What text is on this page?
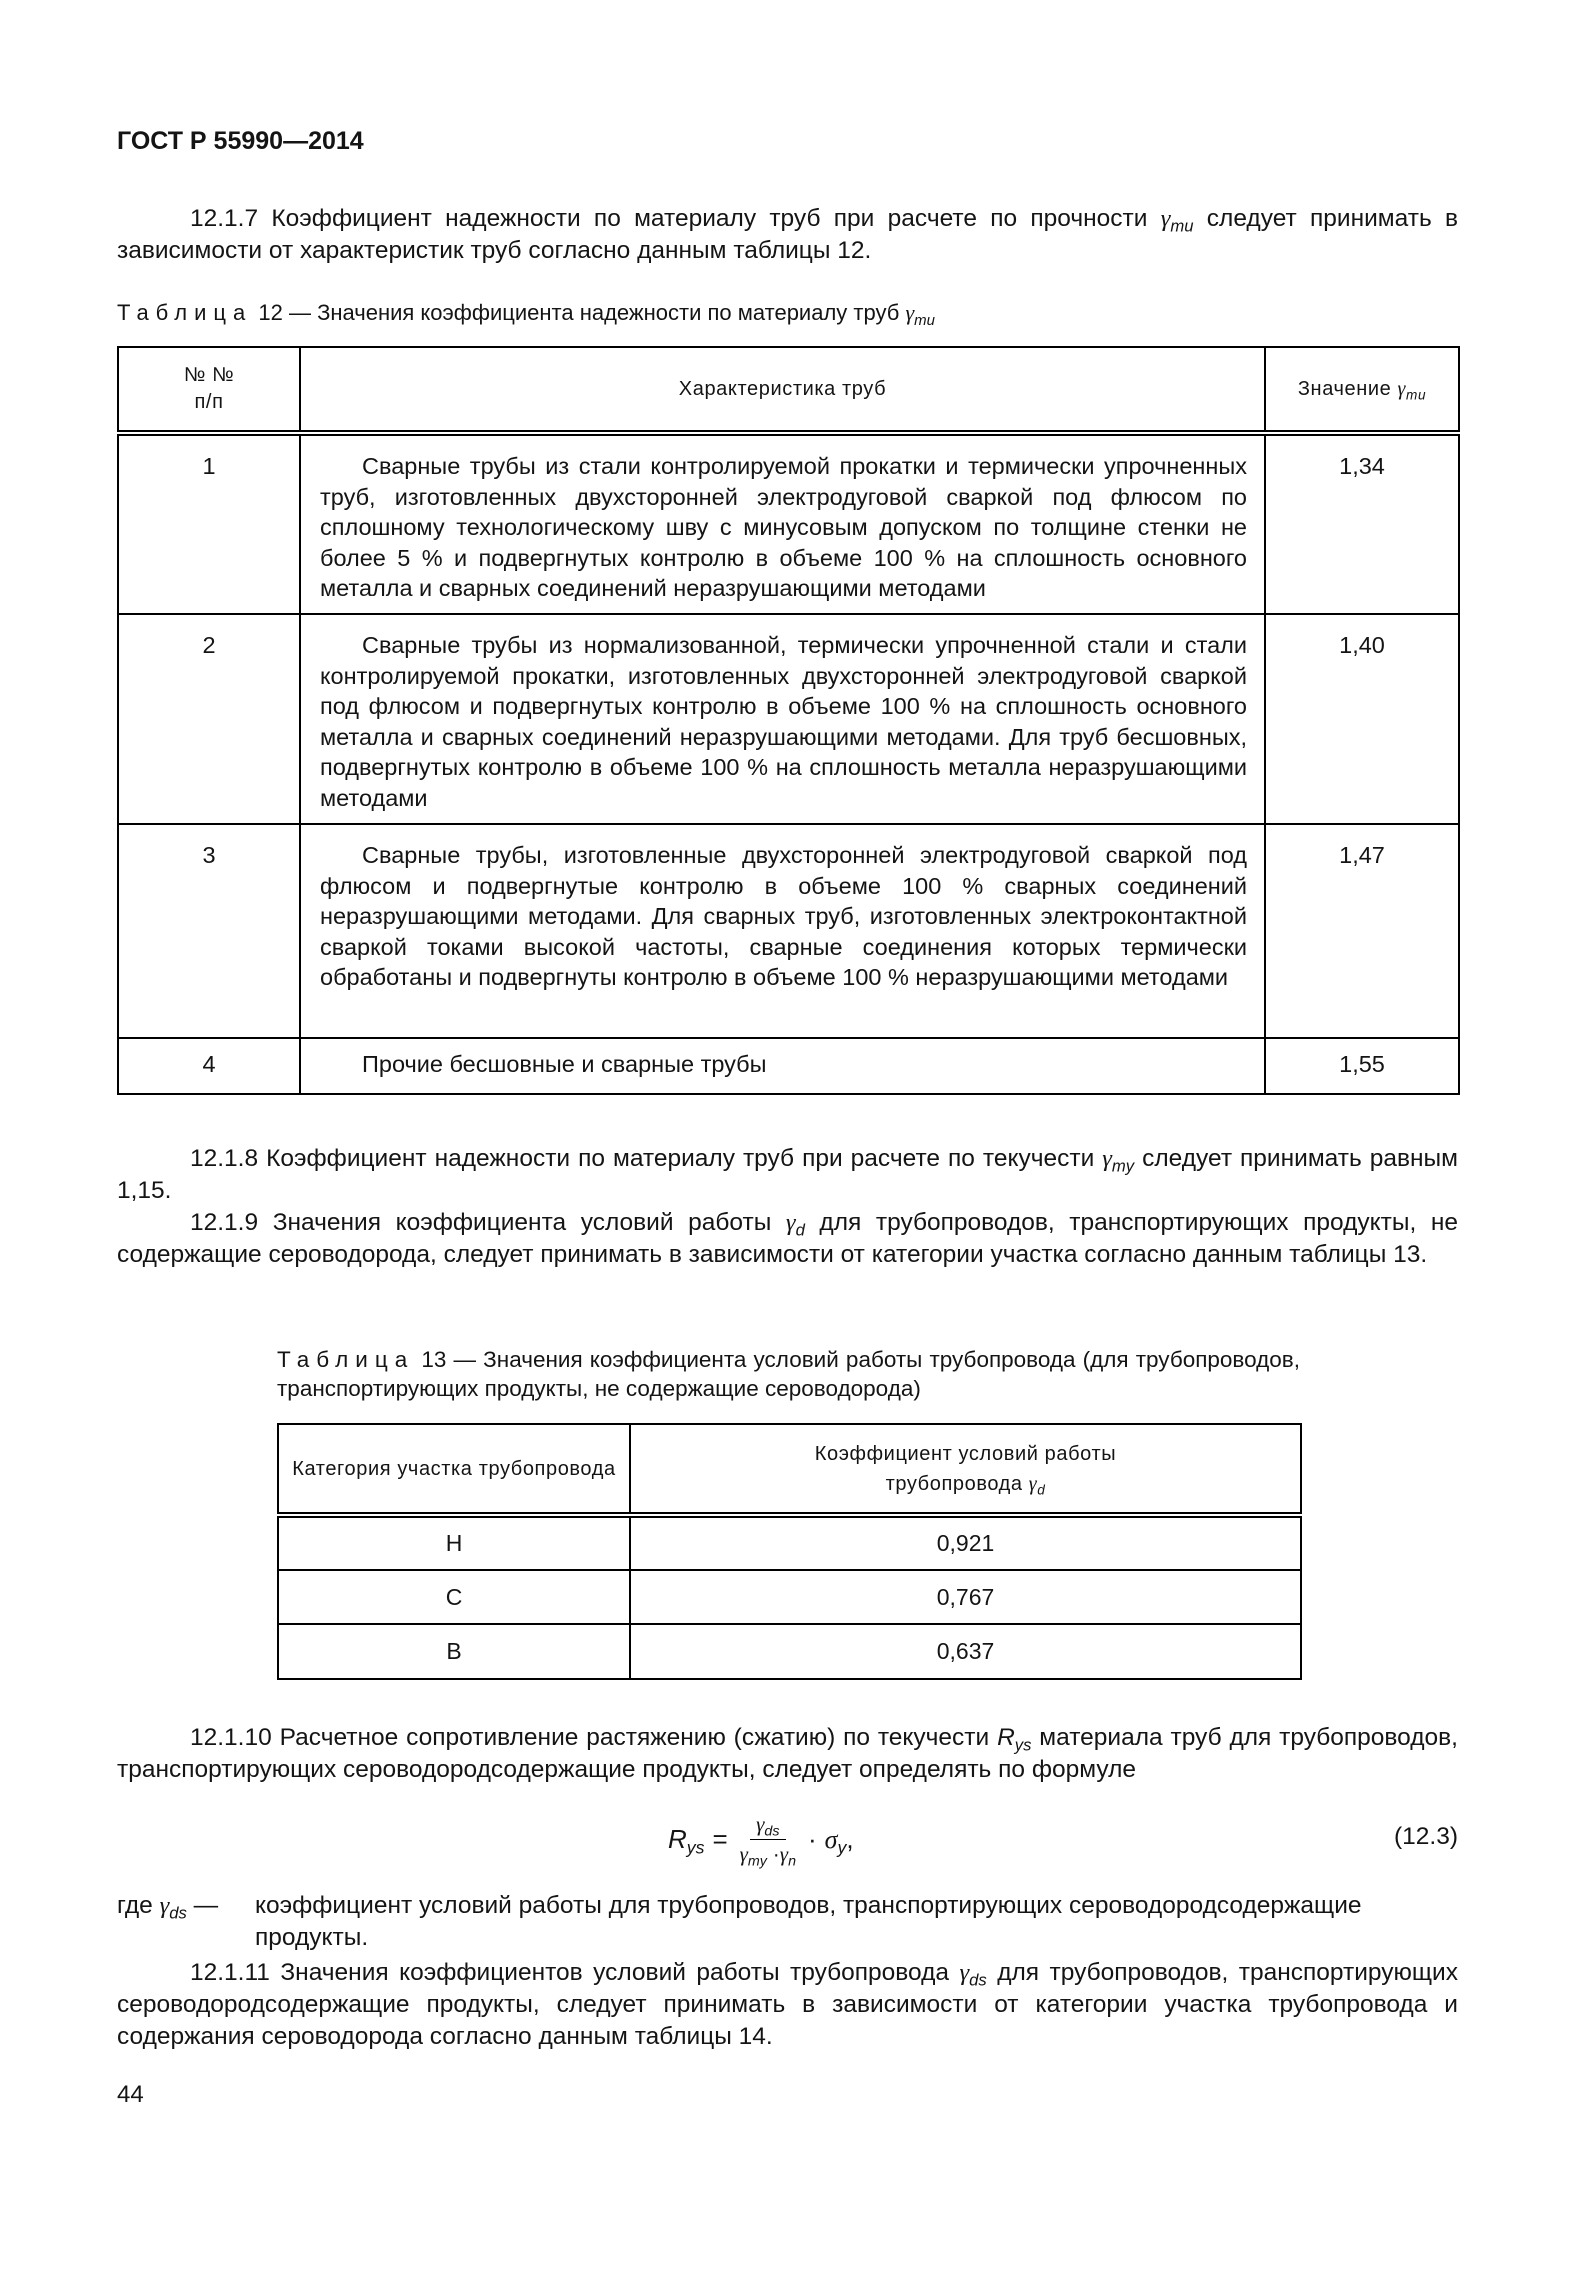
ГОСТ Р 55990—2014

12.1.7 Коэффициент надежности по материалу труб при расчете по прочности $\gamma_{mu}$ следует принимать в зависимости от характеристик труб согласно данным таблицы 12.

Таблица 12 — Значения коэффициента надежности по материалу труб $\gamma_{mu}$
№ №
п/п	Характеристика труб	Значение $\gamma_{mu}$
1	Сварные трубы из стали контролируемой прокатки и термически упрочненных труб, изготовленных двухсторонней электродуговой сваркой под флюсом по сплошному технологическому шву с минусовым допуском по толщине стенки не более 5 % и подвергнутых контролю в объеме 100 % на сплошность основного металла и сварных соединений неразрушающими методами	1,34
2	Сварные трубы из нормализованной, термически упрочненной стали и стали контролируемой прокатки, изготовленных двухсторонней электродуговой сваркой под флюсом и подвергнутых контролю в объеме 100 % на сплошность основного металла и сварных соединений неразрушающими методами. Для труб бесшовных, подвергнутых контролю в объеме 100 % на сплошность металла неразрушающими методами	1,40
3	Сварные трубы, изготовленные двухсторонней электродуговой сваркой под флюсом и подвергнутые контролю в объеме 100 % сварных соединений неразрушающими методами. Для сварных труб, изготовленных электроконтактной сваркой токами высокой частоты, сварные соединения которых термически обработаны и подвергнуты контролю в объеме 100 % неразрушающими методами	1,47
4	Прочие бесшовные и сварные трубы	1,55

12.1.8 Коэффициент надежности по материалу труб при расчете по текучести $\gamma_{my}$ следует принимать равным 1,15.

12.1.9 Значения коэффициента условий работы $\gamma_d$ для трубопроводов, транспортирующих продукты, не содержащие сероводорода, следует принимать в зависимости от категории участка согласно данным таблицы 13.

Таблица 13 — Значения коэффициента условий работы трубопровода (для трубопроводов, транспортирующих продукты, не содержащие сероводорода)
Категория участка трубопровода	Коэффициент условий работы
трубопровода $\gamma_d$
Н	0,921
С	0,767
В	0,637

12.1.10 Расчетное сопротивление растяжению (сжатию) по текучести $R_{ys}$ материала труб для трубопроводов, транспортирующих сероводородсодержащие продукты, следует определять по формуле

$R_{ys} = \frac{\gamma_{ds}}{\gamma_{my} \cdot\gamma_n} \cdot \sigma_y$ ,	(12.3)
где $\gamma_{ds}$ —	коэффициент условий работы для трубопроводов, транспортирующих сероводородсодержащие продукты.

12.1.11 Значения коэффициентов условий работы трубопровода $\gamma_{ds}$ для трубопроводов, транспортирующих сероводородсодержащие продукты, следует принимать в зависимости от категории участка трубопровода и содержания сероводорода согласно данным таблицы 14.

44
